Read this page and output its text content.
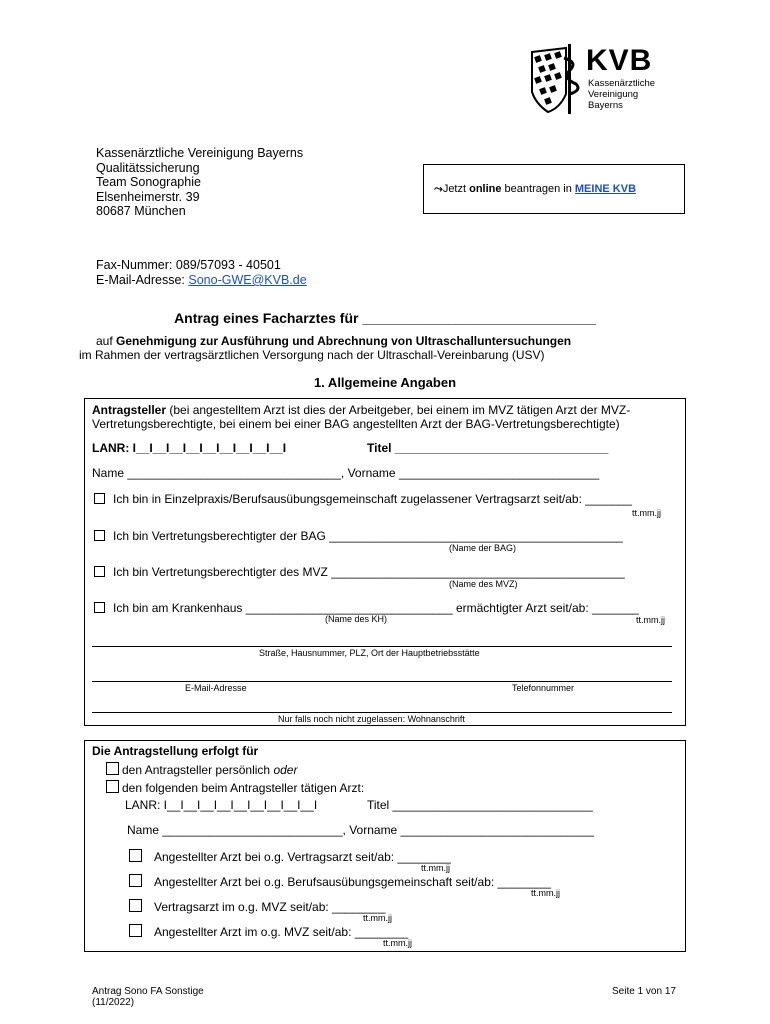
KVB
Kassenärztliche
Vereinigung
Bayerns
Kassenärztliche Vereinigung Bayerns
Qualitätssicherung
Team Sonographie
Elsenheimerstr. 39
80687 München
⤳Jetzt online beantragen in MEINE KVB
Fax-Nummer: 089/57093 - 40501
E-Mail-Adresse: Sono-GWE@KVB.de
Antrag eines Facharztes für ______________________________
auf Genehmigung zur Ausführung und Abrechnung von Ultraschalluntersuchungen
im Rahmen der vertragsärztlichen Versorgung nach der Ultraschall-Vereinbarung (USV)
1. Allgemeine Angaben
Antragsteller (bei angestelltem Arzt ist dies der Arbeitgeber, bei einem im MVZ tätigen Arzt der MVZ-
Vertretungsberechtigte, bei einem bei einer BAG angestellten Arzt der BAG-Vertretungsberechtigte)
LANR: I__I__I__I__I__I__I__I__I__I	Titel ________________________________
Name ________________________________, Vorname ______________________________
Ich bin in Einzelpraxis/Berufsausübungsgemeinschaft zugelassener Vertragsarzt seit/ab: _______
tt.mm.jj
Ich bin Vertretungsberechtigter der BAG ____________________________________________
(Name der BAG)
Ich bin Vertretungsberechtigter des MVZ ____________________________________________
(Name des MVZ)
Ich bin am Krankenhaus _______________________________ ermächtigter Arzt seit/ab: _______
(Name des KH)	tt.mm.jj
Straße, Hausnummer, PLZ, Ort der Hauptbetriebsstätte
E-Mail-Adresse	Telefonnummer
Nur falls noch nicht zugelassen: Wohnanschrift
Die Antragstellung erfolgt für
den Antragsteller persönlich oder
den folgenden beim Antragsteller tätigen Arzt:
LANR: I__I__I__I__I__I__I__I__I__I	Titel ______________________________
Name ___________________________, Vorname _____________________________
Angestellter Arzt bei o.g. Vertragsarzt seit/ab: ________
tt.mm.jj
Angestellter Arzt bei o.g. Berufsausübungsgemeinschaft seit/ab: ________
tt.mm.jj
Vertragsarzt im o.g. MVZ seit/ab: ________
tt.mm.jj
Angestellter Arzt im o.g. MVZ seit/ab: ________
tt.mm.jj
Antrag Sono FA Sonstige
(11/2022)
Seite 1 von 17
